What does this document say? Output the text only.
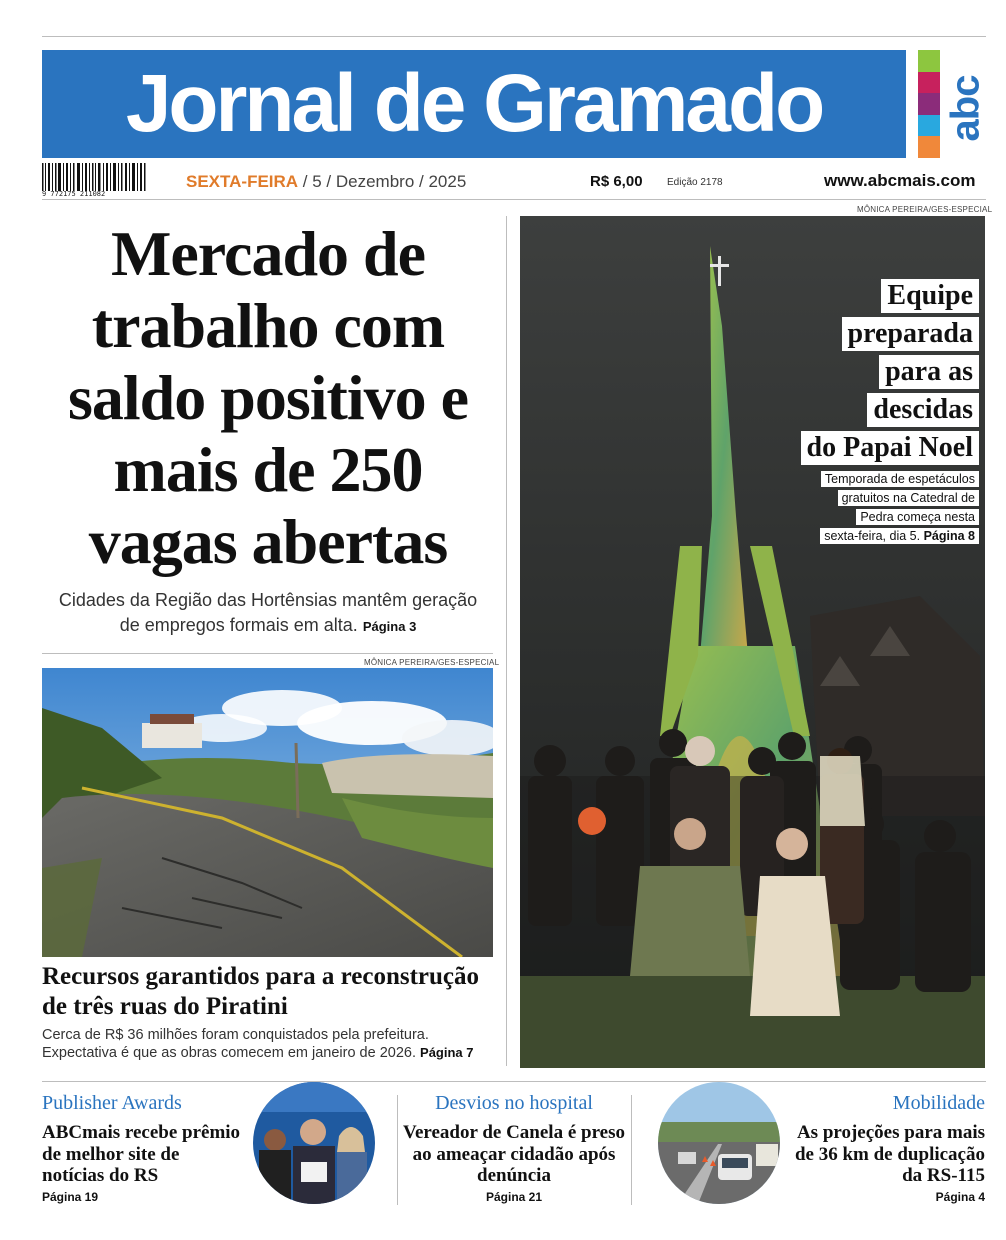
Jornal de Gramado	abc
9 772175 211082
SEXTA-FEIRA / 5 / Dezembro / 2025	R$ 6,00 Edição 2178	www.abcmais.com
Mercado de trabalho com saldo positivo e mais de 250 vagas abertas
Cidades da Região das Hortênsias mantêm geração de empregos formais em alta. Página 3
MÔNICA PEREIRA/GES-ESPECIAL
Recursos garantidos para a reconstrução de três ruas do Piratini
Cerca de R$ 36 milhões foram conquistados pela prefeitura. Expectativa é que as obras comecem em janeiro de 2026. Página 7
MÔNICA PEREIRA/GES-ESPECIAL
Equipe
preparada
para as
descidas
do Papai Noel
Temporada de espetáculos
gratuitos na Catedral de
Pedra começa nesta
sexta-feira, dia 5. Página 8
Publisher Awards
ABCmais recebe prêmio de melhor site de notícias do RS
Página 19
Desvios no hospital
Vereador de Canela é preso ao ameaçar cidadão após denúncia
Página 21
Mobilidade
As projeções para mais de 36 km de duplicação da RS-115
Página 4
